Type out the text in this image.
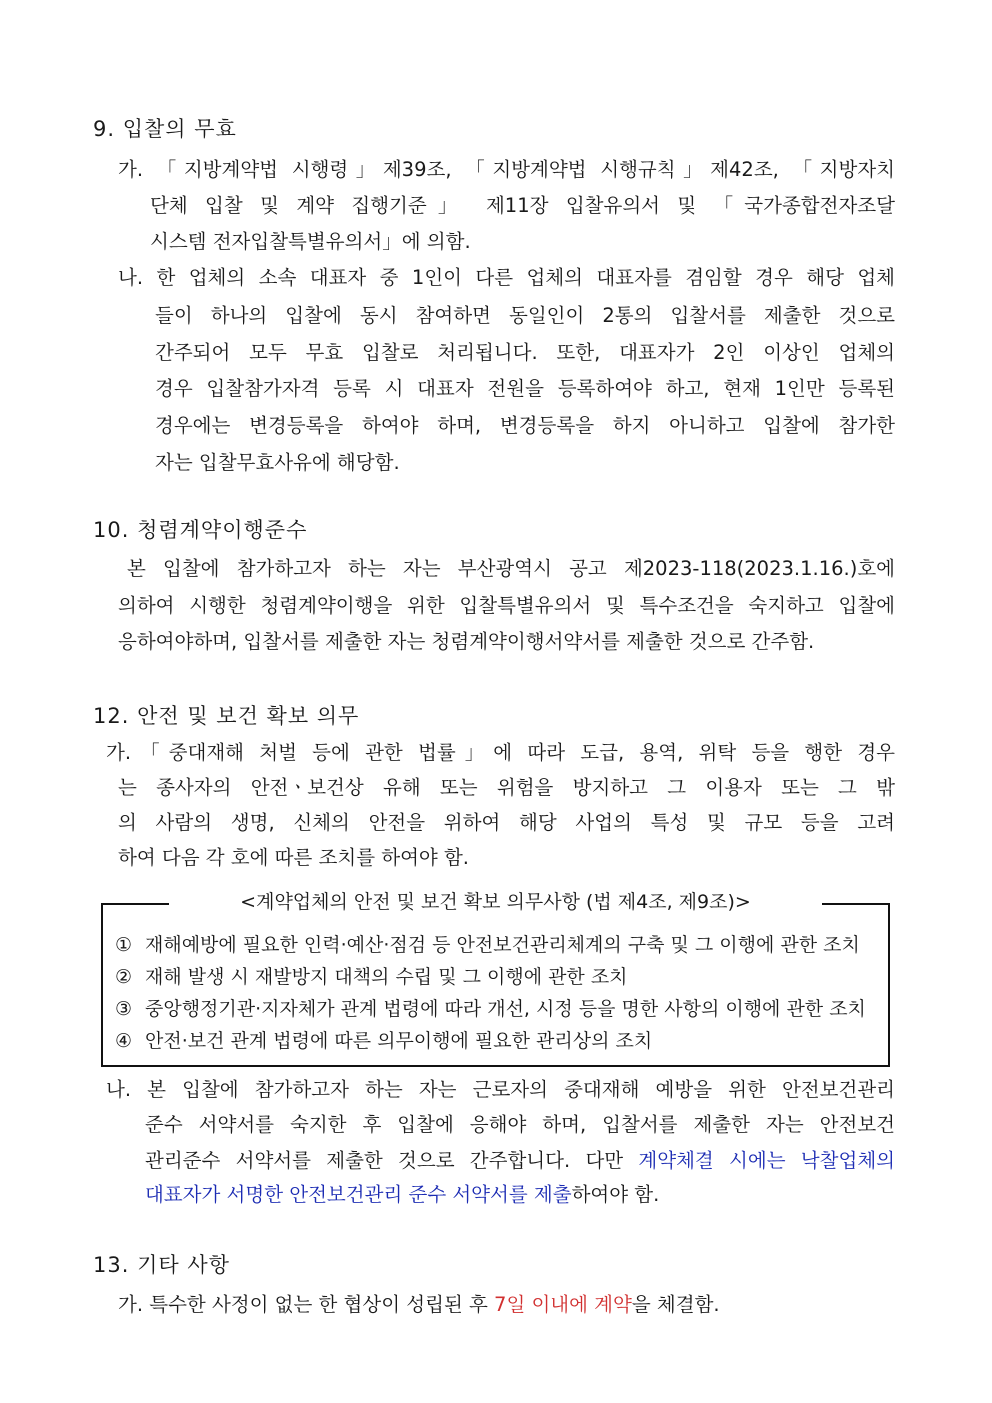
9. 입찰의 무효
가. 「지방계약법 시행령」제39조, 「지방계약법 시행규칙」제42조, 「지방자치
단체 입찰 및 계약 집행기준」 제11장 입찰유의서 및 「국가종합전자조달
시스템 전자입찰특별유의서」에 의함.
나. 한 업체의 소속 대표자 중 1인이 다른 업체의 대표자를 겸임할 경우 해당 업체
들이 하나의 입찰에 동시 참여하면 동일인이 2통의 입찰서를 제출한 것으로
간주되어 모두 무효 입찰로 처리됩니다. 또한, 대표자가 2인 이상인 업체의
경우 입찰참가자격 등록 시 대표자 전원을 등록하여야 하고, 현재 1인만 등록된
경우에는 변경등록을 하여야 하며, 변경등록을 하지 아니하고 입찰에 참가한
자는 입찰무효사유에 해당함.
10. 청렴계약이행준수
본 입찰에 참가하고자 하는 자는 부산광역시 공고 제2023-118(2023.1.16.)호에
의하여 시행한 청렴계약이행을 위한 입찰특별유의서 및 특수조건을 숙지하고 입찰에
응하여야하며, 입찰서를 제출한 자는 청렴계약이행서약서를 제출한 것으로 간주함.
12. 안전 및 보건 확보 의무
가.「중대재해 처벌 등에 관한 법률」에 따라 도급, 용역, 위탁 등을 행한 경우
는 종사자의 안전ㆍ보건상 유해 또는 위험을 방지하고 그 이용자 또는 그 밖
의 사람의 생명, 신체의 안전을 위하여 해당 사업의 특성 및 규모 등을 고려
하여 다음 각 호에 따른 조치를 하여야 함.
<계약업체의 안전 및 보건 확보 의무사항 (법 제4조, 제9조)>
① 재해예방에 필요한 인력·예산·점검 등 안전보건관리체계의 구축 및 그 이행에 관한 조치
② 재해 발생 시 재발방지 대책의 수립 및 그 이행에 관한 조치
③ 중앙행정기관·지자체가 관계 법령에 따라 개선, 시정 등을 명한 사항의 이행에 관한 조치
④ 안전·보건 관계 법령에 따른 의무이행에 필요한 관리상의 조치
나. 본 입찰에 참가하고자 하는 자는 근로자의 중대재해 예방을 위한 안전보건관리
준수 서약서를 숙지한 후 입찰에 응해야 하며, 입찰서를 제출한 자는 안전보건
관리준수 서약서를 제출한 것으로 간주합니다. 다만 계약체결 시에는 낙찰업체의
대표자가 서명한 안전보건관리 준수 서약서를 제출하여야 함.
13. 기타 사항
가. 특수한 사정이 없는 한 협상이 성립된 후 7일 이내에 계약을 체결함.
